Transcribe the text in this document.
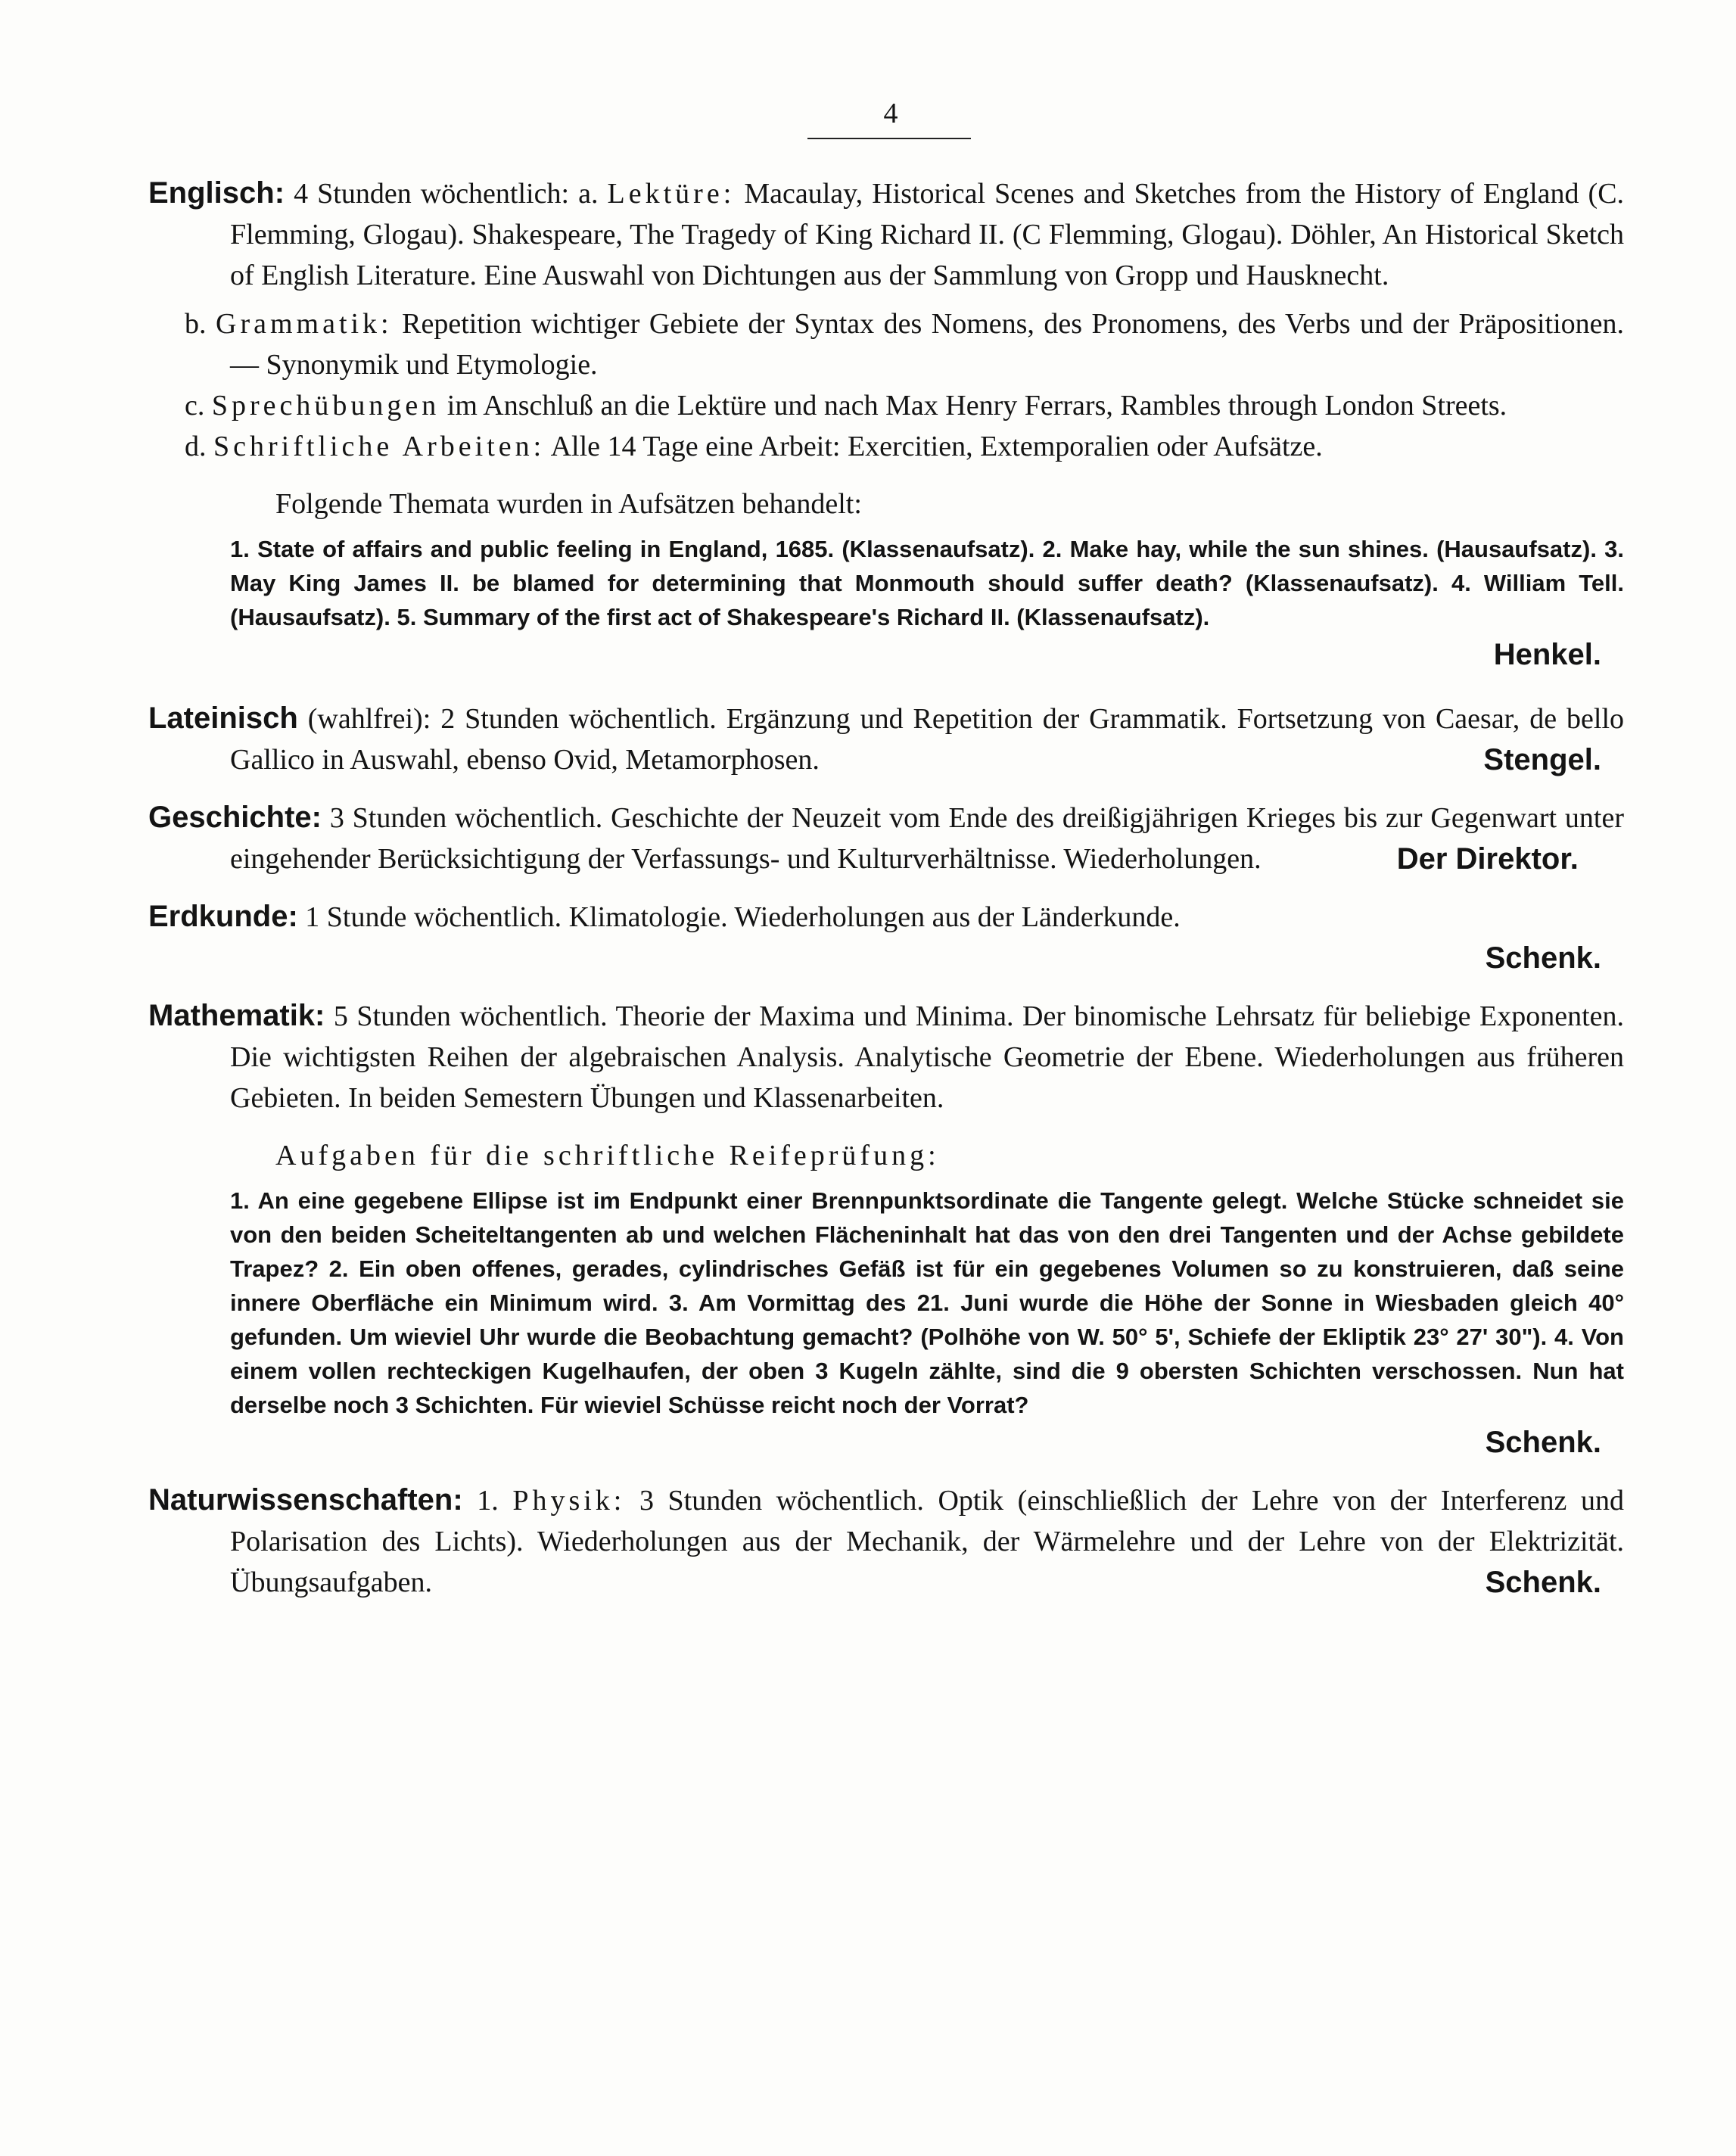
4

Englisch: 4 Stunden wöchentlich: a. Lektüre: Macaulay, Historical Scenes and Sketches from the History of England (C. Flemming, Glogau). Shakespeare, The Tragedy of King Richard II. (C Flemming, Glogau). Döhler, An Historical Sketch of English Literature. Eine Auswahl von Dichtungen aus der Sammlung von Gropp und Hausknecht.

b. Grammatik: Repetition wichtiger Gebiete der Syntax des Nomens, des Pronomens, des Verbs und der Präpositionen. — Synonymik und Etymologie.

c. Sprechübungen im Anschluß an die Lektüre und nach Max Henry Ferrars, Rambles through London Streets.

d. Schriftliche Arbeiten: Alle 14 Tage eine Arbeit: Exercitien, Extemporalien oder Aufsätze.

Folgende Themata wurden in Aufsätzen behandelt:

1. State of affairs and public feeling in England, 1685. (Klassenaufsatz). 2. Make hay, while the sun shines. (Hausaufsatz). 3. May King James II. be blamed for determining that Monmouth should suffer death? (Klassenaufsatz). 4. William Tell. (Hausaufsatz). 5. Summary of the first act of Shakespeare's Richard II. (Klassenaufsatz).

Henkel.

Lateinisch (wahlfrei): 2 Stunden wöchentlich. Ergänzung und Repetition der Grammatik. Fortsetzung von Caesar, de bello Gallico in Auswahl, ebenso Ovid, Metamorphosen.	Stengel.

Geschichte: 3 Stunden wöchentlich. Geschichte der Neuzeit vom Ende des dreißigjährigen Krieges bis zur Gegenwart unter eingehender Berücksichtigung der Verfassungs- und Kulturverhältnisse. Wiederholungen.	Der Direktor.

Erdkunde: 1 Stunde wöchentlich. Klimatologie. Wiederholungen aus der Länderkunde.

Schenk.

Mathematik: 5 Stunden wöchentlich. Theorie der Maxima und Minima. Der binomische Lehrsatz für beliebige Exponenten. Die wichtigsten Reihen der algebraischen Analysis. Analytische Geometrie der Ebene. Wiederholungen aus früheren Gebieten. In beiden Semestern Übungen und Klassenarbeiten.

Aufgaben für die schriftliche Reifeprüfung:

1. An eine gegebene Ellipse ist im Endpunkt einer Brennpunktsordinate die Tangente gelegt. Welche Stücke schneidet sie von den beiden Scheiteltangenten ab und welchen Flächeninhalt hat das von den drei Tangenten und der Achse gebildete Trapez? 2. Ein oben offenes, gerades, cylindrisches Gefäß ist für ein gegebenes Volumen so zu konstruieren, daß seine innere Oberfläche ein Minimum wird. 3. Am Vormittag des 21. Juni wurde die Höhe der Sonne in Wiesbaden gleich 40° gefunden. Um wieviel Uhr wurde die Beobachtung gemacht? (Polhöhe von W. 50° 5', Schiefe der Ekliptik 23° 27' 30"). 4. Von einem vollen rechteckigen Kugelhaufen, der oben 3 Kugeln zählte, sind die 9 obersten Schichten verschossen. Nun hat derselbe noch 3 Schichten. Für wieviel Schüsse reicht noch der Vorrat?

Schenk.

Naturwissenschaften: 1. Physik: 3 Stunden wöchentlich. Optik (einschließlich der Lehre von der Interferenz und Polarisation des Lichts). Wiederholungen aus der Mechanik, der Wärmelehre und der Lehre von der Elektrizität. Übungsaufgaben.	Schenk.
